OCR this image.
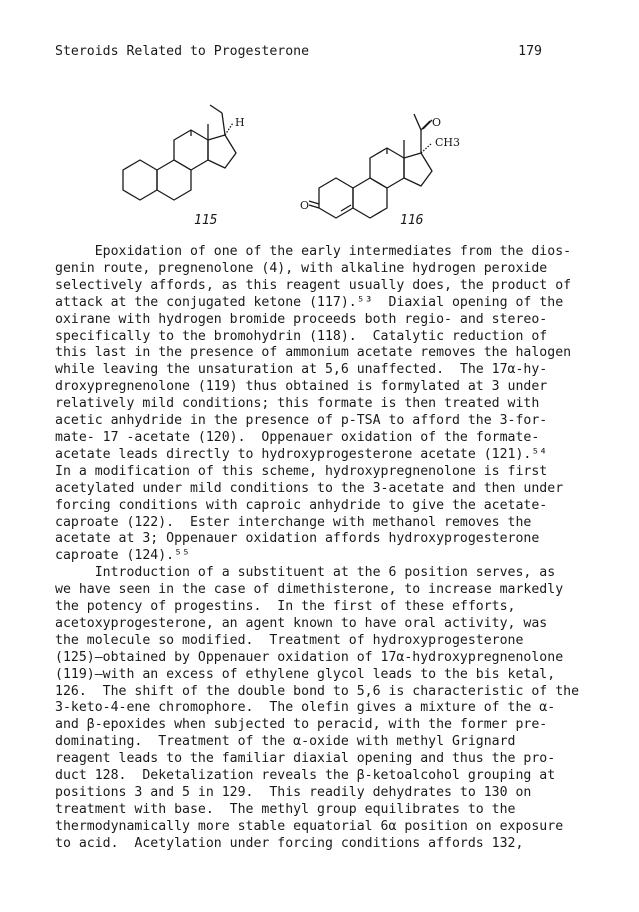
Steroids Related to Progesterone	179
H	O
CH3
O
115	116

Epoxidation of one of the early intermediates from the dios-
genin route, pregnenolone (4), with alkaline hydrogen peroxide
selectively affords, as this reagent usually does, the product of
attack at the conjugated ketone (117).⁵³  Diaxial opening of the
oxirane with hydrogen bromide proceeds both regio- and stereo-
specifically to the bromohydrin (118).  Catalytic reduction of
this last in the presence of ammonium acetate removes the halogen
while leaving the unsaturation at 5,6 unaffected.  The 17α-hy-
droxypregnenolone (119) thus obtained is formylated at 3 under
relatively mild conditions; this formate is then treated with
acetic anhydride in the presence of p-TSA to afford the 3-for-
mate- 17 -acetate (120).  Oppenauer oxidation of the formate-
acetate leads directly to hydroxyprogesterone acetate (121).⁵⁴
In a modification of this scheme, hydroxypregnenolone is first
acetylated under mild conditions to the 3-acetate and then under
forcing conditions with caproic anhydride to give the acetate-
caproate (122).  Ester interchange with methanol removes the
acetate at 3; Oppenauer oxidation affords hydroxyprogesterone
caproate (124).⁵⁵

Introduction of a substituent at the 6 position serves, as
we have seen in the case of dimethisterone, to increase markedly
the potency of progestins.  In the first of these efforts,
acetoxyprogesterone, an agent known to have oral activity, was
the molecule so modified.  Treatment of hydroxyprogesterone
(125)—obtained by Oppenauer oxidation of 17α-hydroxypregnenolone
(119)—with an excess of ethylene glycol leads to the bis ketal,
126.  The shift of the double bond to 5,6 is characteristic of the
3-keto-4-ene chromophore.  The olefin gives a mixture of the α-
and β-epoxides when subjected to peracid, with the former pre-
dominating.  Treatment of the α-oxide with methyl Grignard
reagent leads to the familiar diaxial opening and thus the pro-
duct 128.  Deketalization reveals the β-ketoalcohol grouping at
positions 3 and 5 in 129.  This readily dehydrates to 130 on
treatment with base.  The methyl group equilibrates to the
thermodynamically more stable equatorial 6α position on exposure
to acid.  Acetylation under forcing conditions affords 132,
